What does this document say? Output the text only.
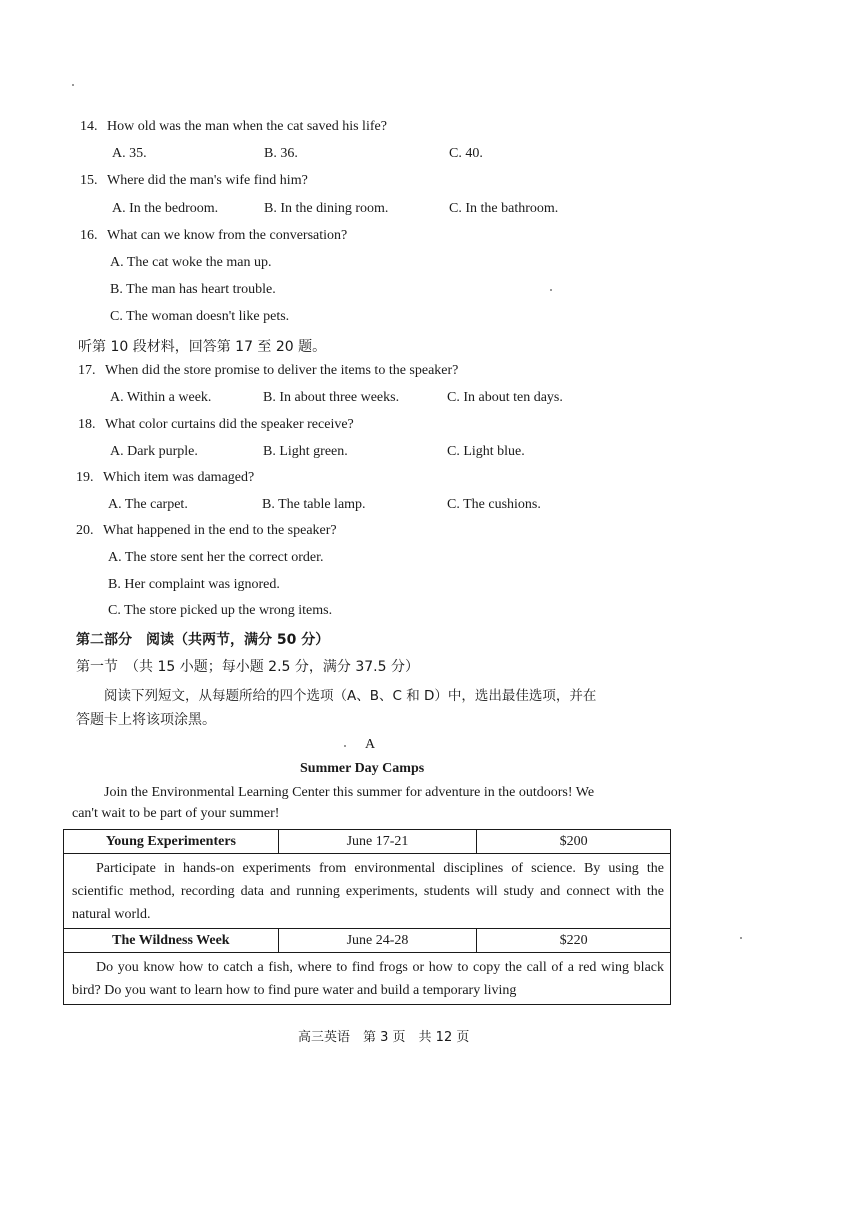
14. How old was the man when the cat saved his life?
A. 35.	B. 36.	C. 40.
15. Where did the man's wife find him?
A. In the bedroom.	B. In the dining room.	C. In the bathroom.
16. What can we know from the conversation?
A. The cat woke the man up.
B. The man has heart trouble.
C. The woman doesn't like pets.
听第 10 段材料，回答第 17 至 20 题。
17. When did the store promise to deliver the items to the speaker?
A. Within a week.	B. In about three weeks.	C. In about ten days.
18. What color curtains did the speaker receive?
A. Dark purple.	B. Light green.	C. Light blue.
19. Which item was damaged?
A. The carpet.	B. The table lamp.	C. The cushions.
20. What happened in the end to the speaker?
A. The store sent her the correct order.
B. Her complaint was ignored.
C. The store picked up the wrong items.
第二部分　阅读（共两节，满分 50 分）
第一节　（共 15 小题；每小题 2.5 分，满分 37.5 分）
阅读下列短文，从每题所给的四个选项（A、B、C 和 D）中，选出最佳选项，并在
答题卡上将该项涂黑。
A
Summer Day Camps
Join the Environmental Learning Center this summer for adventure in the outdoors! We
can't wait to be part of your summer!
Young Experimenters	June 17-21	$200
Participate in hands-on experiments from environmental disciplines of science. By using the scientific method, recording data and running experiments, students will study and connect with the natural world.		
The Wildness Week	June 24-28	$220
Do you know how to catch a fish, where to find frogs or how to copy the call of a red wing black bird? Do you want to learn how to find pure water and build a temporary living		
高三英语　第 3 页　共 12 页
